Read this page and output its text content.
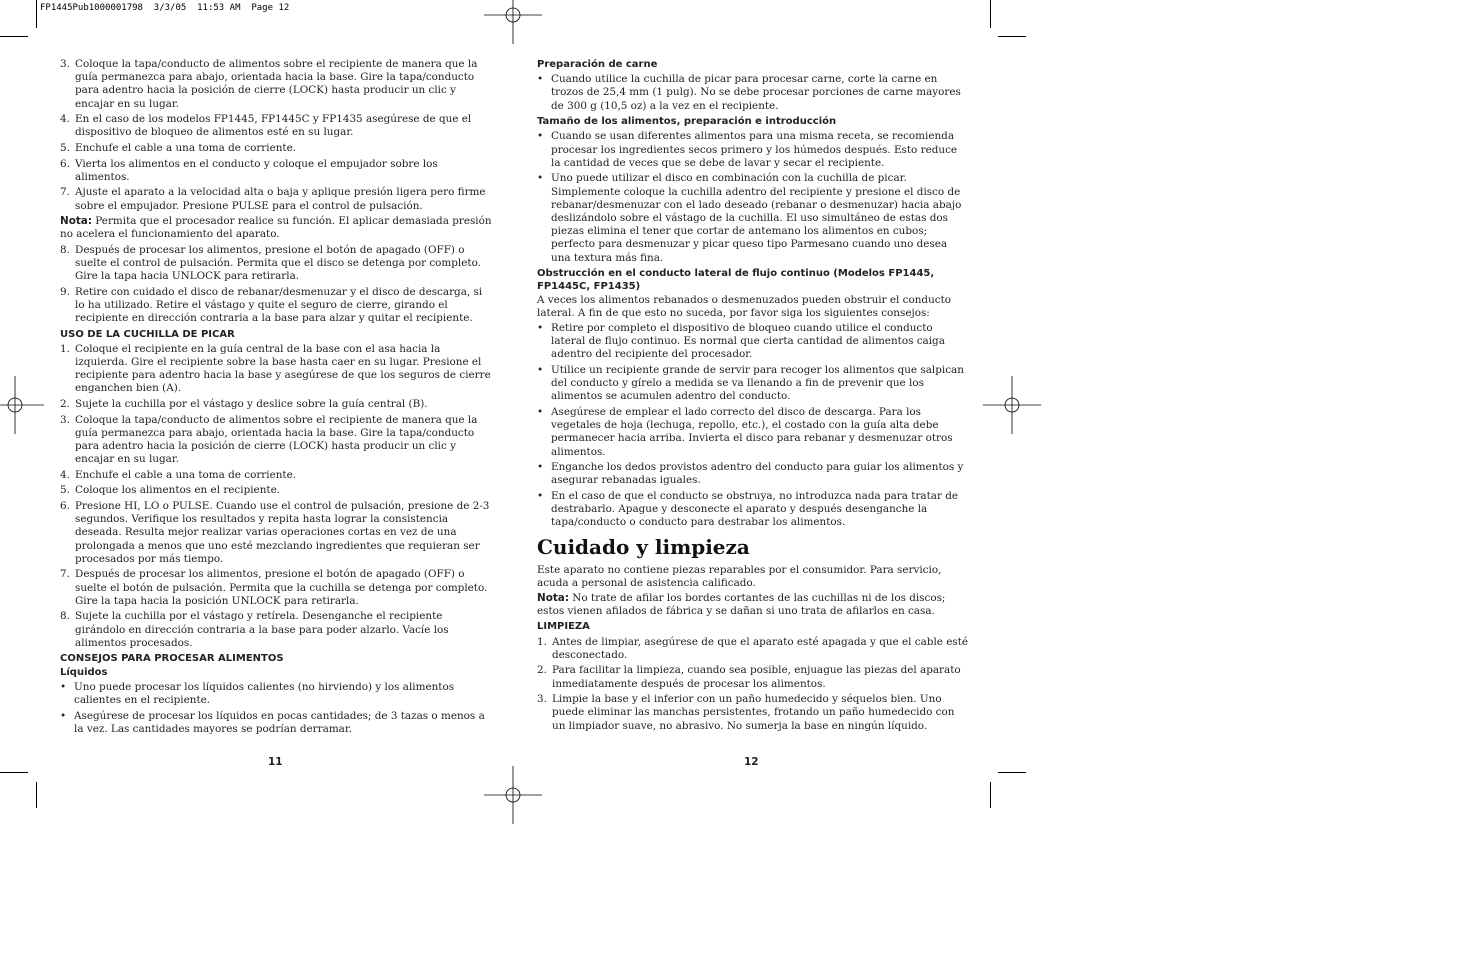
FP1445Pub1000001798  3/3/05  11:53 AM  Page 12
3. Coloque la tapa/conducto de alimentos sobre el recipiente de manera que la guía permanezca para abajo, orientada hacia la base. Gire la tapa/conducto para adentro hacia la posición de cierre (LOCK) hasta producir un clic y encajar en su lugar.
4. En el caso de los modelos FP1445, FP1445C y FP1435 asegúrese de que el dispositivo de bloqueo de alimentos esté en su lugar.
5. Enchufe el cable a una toma de corriente.
6. Vierta los alimentos en el conducto y coloque el empujador sobre los alimentos.
7. Ajuste el aparato a la velocidad alta o baja y aplique presión ligera pero firme sobre el empujador. Presione PULSE para el control de pulsación.

Nota: Permita que el procesador realice su función. El aplicar demasiada presión no acelera el funcionamiento del aparato.

8. Después de procesar los alimentos, presione el botón de apagado (OFF) o suelte el control de pulsación. Permita que el disco se detenga por completo. Gire la tapa hacia UNLOCK para retirarla.
9. Retire con cuidado el disco de rebanar/desmenuzar y el disco de descarga, si lo ha utilizado. Retire el vástago y quite el seguro de cierre, girando el recipiente en dirección contraria a la base para alzar y quitar el recipiente.
USO DE LA CUCHILLA DE PICAR
1. Coloque el recipiente en la guía central de la base con el asa hacia la izquierda. Gire el recipiente sobre la base hasta caer en su lugar. Presione el recipiente para adentro hacia la base y asegúrese de que los seguros de cierre enganchen bien (A).
2. Sujete la cuchilla por el vástago y deslice sobre la guía central (B).
3. Coloque la tapa/conducto de alimentos sobre el recipiente de manera que la guía permanezca para abajo, orientada hacia la base. Gire la tapa/conducto para adentro hacia la posición de cierre (LOCK) hasta producir un clic y encajar en su lugar.
4. Enchufe el cable a una toma de corriente.
5. Coloque los alimentos en el recipiente.
6. Presione HI, LO o PULSE. Cuando use el control de pulsación, presione de 2-3 segundos. Verifique los resultados y repita hasta lograr la consistencia deseada. Resulta mejor realizar varias operaciones cortas en vez de una prolongada a menos que uno esté mezclando ingredientes que requieran ser procesados por más tiempo.
7. Después de procesar los alimentos, presione el botón de apagado (OFF) o suelte el botón de pulsación. Permita que la cuchilla se detenga por completo. Gire la tapa hacia la posición UNLOCK para retirarla.
8. Sujete la cuchilla por el vástago y retírela. Desenganche el recipiente girándolo en dirección contraria a la base para poder alzarlo. Vacíe los alimentos procesados.
CONSEJOS PARA PROCESAR ALIMENTOS
Líquidos
• Uno puede procesar los líquidos calientes (no hirviendo) y los alimentos calientes en el recipiente.
• Asegúrese de procesar los líquidos en pocas cantidades; de 3 tazas o menos a la vez. Las cantidades mayores se podrían derramar.
11
Preparación de carne
• Cuando utilice la cuchilla de picar para procesar carne, corte la carne en trozos de 25,4 mm (1 pulg). No se debe procesar porciones de carne mayores de 300 g (10,5 oz) a la vez en el recipiente.
Tamaño de los alimentos, preparación e introducción
• Cuando se usan diferentes alimentos para una misma receta, se recomienda procesar los ingredientes secos primero y los húmedos después. Esto reduce la cantidad de veces que se debe de lavar y secar el recipiente.
• Uno puede utilizar el disco en combinación con la cuchilla de picar. Simplemente coloque la cuchilla adentro del recipiente y presione el disco de rebanar/desmenuzar con el lado deseado (rebanar o desmenuzar) hacia abajo deslizándolo sobre el vástago de la cuchilla. El uso simultáneo de estas dos piezas elimina el tener que cortar de antemano los alimentos en cubos; perfecto para desmenuzar y picar queso tipo Parmesano cuando uno desea una textura más fina.
Obstrucción en el conducto lateral de flujo continuo (Modelos FP1445, FP1445C, FP1435)

A veces los alimentos rebanados o desmenuzados pueden obstruir el conducto lateral. A fin de que esto no suceda, por favor siga los siguientes consejos:

• Retire por completo el dispositivo de bloqueo cuando utilice el conducto lateral de flujo continuo. Es normal que cierta cantidad de alimentos caiga adentro del recipiente del procesador.
• Utilice un recipiente grande de servir para recoger los alimentos que salpican del conducto y gírelo a medida se va llenando a fin de prevenir que los alimentos se acumulen adentro del conducto.
• Asegúrese de emplear el lado correcto del disco de descarga. Para los vegetales de hoja (lechuga, repollo, etc.), el costado con la guía alta debe permanecer hacia arriba. Invierta el disco para rebanar y desmenuzar otros alimentos.
• Enganche los dedos provistos adentro del conducto para guiar los alimentos y asegurar rebanadas iguales.
• En el caso de que el conducto se obstruya, no introduzca nada para tratar de destrabarlo. Apague y desconecte el aparato y después desenganche la tapa/conducto o conducto para destrabar los alimentos.
Cuidado y limpieza

Este aparato no contiene piezas reparables por el consumidor. Para servicio, acuda a personal de asistencia calificado.

Nota: No trate de afilar los bordes cortantes de las cuchillas ni de los discos; estos vienen afilados de fábrica y se dañan si uno trata de afilarlos en casa.

LIMPIEZA
1. Antes de limpiar, asegúrese de que el aparato esté apagada y que el cable esté desconectado.
2. Para facilitar la limpieza, cuando sea posible, enjuague las piezas del aparato inmediatamente después de procesar los alimentos.
3. Limpie la base y el inferior con un paño humedecido y séquelos bien. Uno puede eliminar las manchas persistentes, frotando un paño humedecido con un limpiador suave, no abrasivo. No sumerja la base en ningún líquido.
12
